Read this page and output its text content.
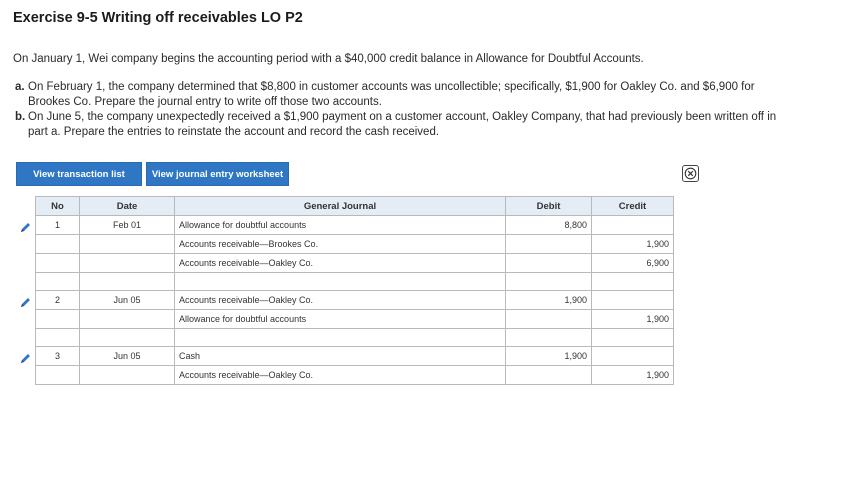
Exercise 9-5 Writing off receivables LO P2
On January 1, Wei company begins the accounting period with a $40,000 credit balance in Allowance for Doubtful Accounts.
a. On February 1, the company determined that $8,800 in customer accounts was uncollectible; specifically, $1,900 for Oakley Co. and $6,900 for Brookes Co. Prepare the journal entry to write off those two accounts.
b. On June 5, the company unexpectedly received a $1,900 payment on a customer account, Oakley Company, that had previously been written off in part a. Prepare the entries to reinstate the account and record the cash received.
View transaction list	View journal entry worksheet
No	Date	General Journal	Debit	Credit
1	Feb 01	Allowance for doubtful accounts	8,800	
		Accounts receivable—Brookes Co.		1,900
		Accounts receivable—Oakley Co.		6,900

2	Jun 05	Accounts receivable—Oakley Co.	1,900	
		Allowance for doubtful accounts		1,900

3	Jun 05	Cash	1,900	
		Accounts receivable—Oakley Co.		1,900
